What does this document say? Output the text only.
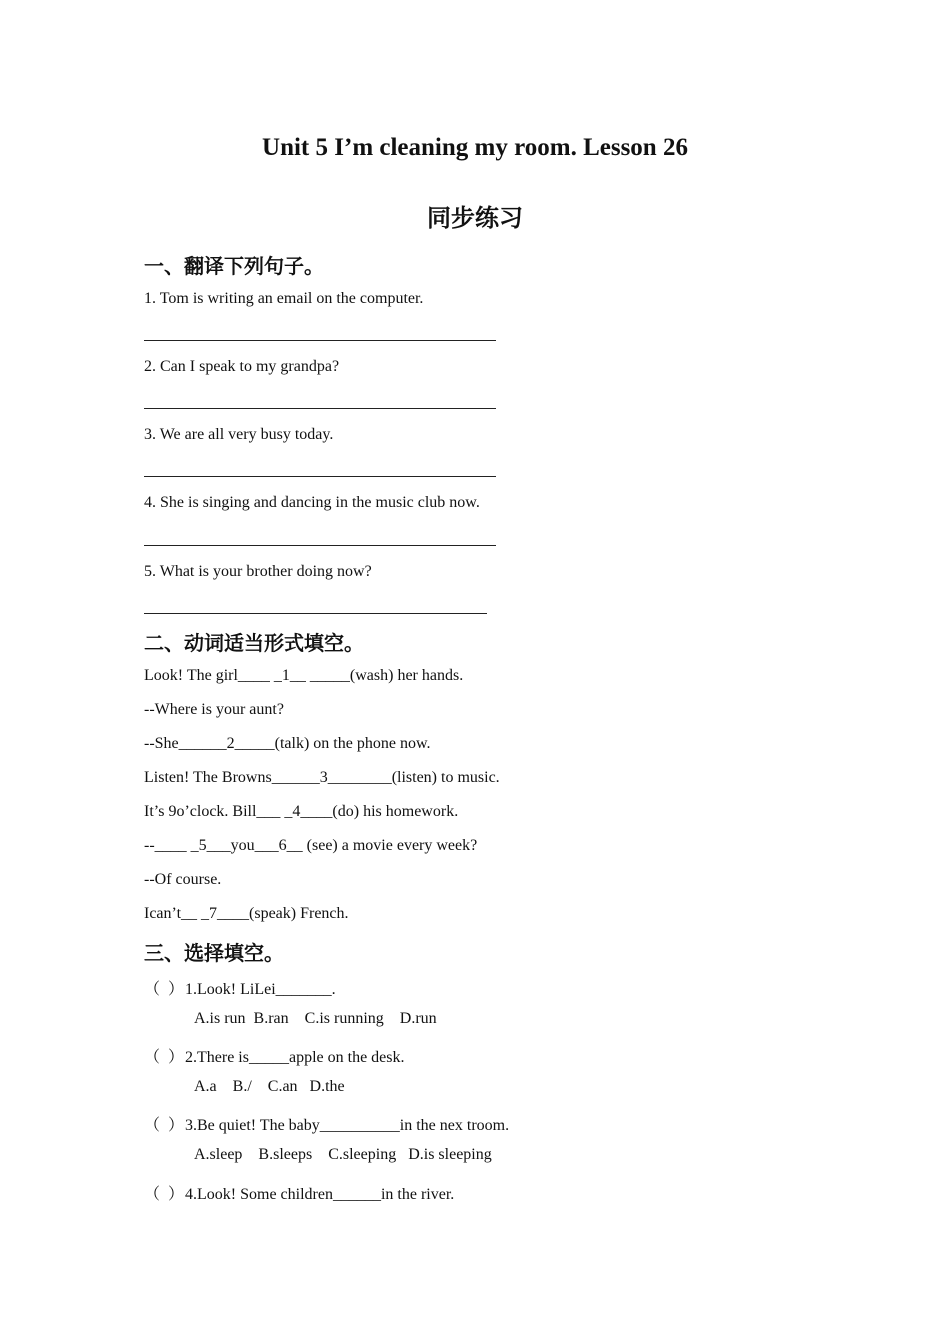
Unit 5 I’m cleaning my room. Lesson 26
同步练习
一、翻译下列句子。

1. Tom is writing an email on the computer.

2. Can I speak to my grandpa?

3. We are all very busy today.

4. She is singing and dancing in the music club now.

5. What is your brother doing now?

二、动词适当形式填空。

Look! The girl____ _1__ _____(wash) her hands.

--Where is your aunt?

--She______2_____(talk) on the phone now.

Listen! The Browns______3________(listen) to music.

It’s 9o’clock. Bill___ _4____(do) his homework.

--____ _5___you___6__ (see) a movie every week?

--Of course.

Ican’t__ _7____(speak) French.

三、选择填空。

（  ）1.Look! LiLei_______.

A.is run  B.ran    C.is running    D.run

（  ）2.There is_____apple on the desk.

A.a    B./    C.an   D.the

（  ）3.Be quiet! The baby__________in the nex troom.

A.sleep    B.sleeps    C.sleeping   D.is sleeping

（  ）4.Look! Some children______in the river.
